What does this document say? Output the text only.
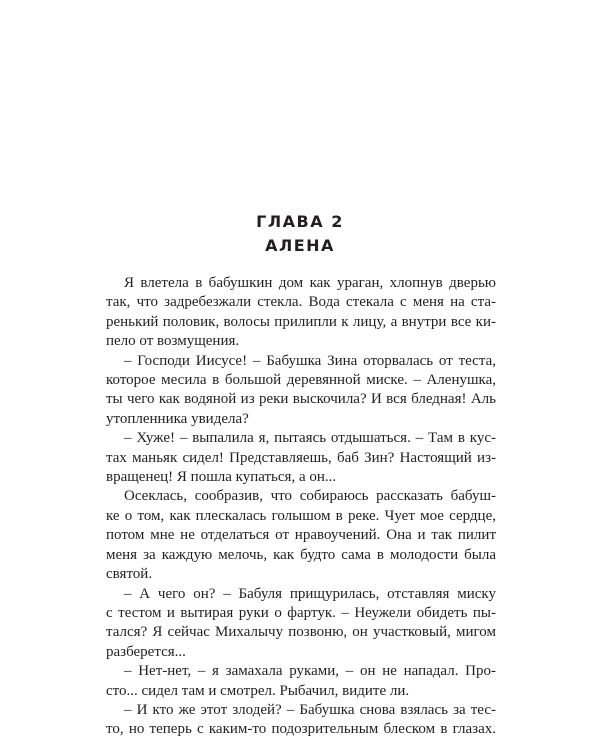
ГЛАВА 2
АЛЕНА
Я влетела в бабушкин дом как ураган, хлопнув дверью
так, что задребезжали стекла. Вода стекала с меня на ста-
ренький половик, волосы прилипли к лицу, а внутри все ки-
пело от возмущения.
– Господи Иисусе! – Бабушка Зина оторвалась от теста,
которое месила в большой деревянной миске. – Аленушка,
ты чего как водяной из реки выскочила? И вся бледная! Аль
утопленника увидела?
– Хуже! – выпалила я, пытаясь отдышаться. – Там в кус-
тах маньяк сидел! Представляешь, баб Зин? Настоящий из-
вращенец! Я пошла купаться, а он...
Осеклась, сообразив, что собираюсь рассказать бабуш-
ке о том, как плескалась голышом в реке. Чует мое сердце,
потом мне не отделаться от нравоучений. Она и так пилит
меня за каждую мелочь, как будто сама в молодости была
святой.
– А чего он? – Бабуля прищурилась, отставляя миску
с тестом и вытирая руки о фартук. – Неужели обидеть пы-
тался? Я сейчас Михалычу позвоню, он участковый, мигом
разберется...
– Нет-нет, – я замахала руками, – он не нападал. Про-
сто... сидел там и смотрел. Рыбачил, видите ли.
– И кто же этот злодей? – Бабушка снова взялась за тес-
то, но теперь с каким-то подозрительным блеском в глазах.
